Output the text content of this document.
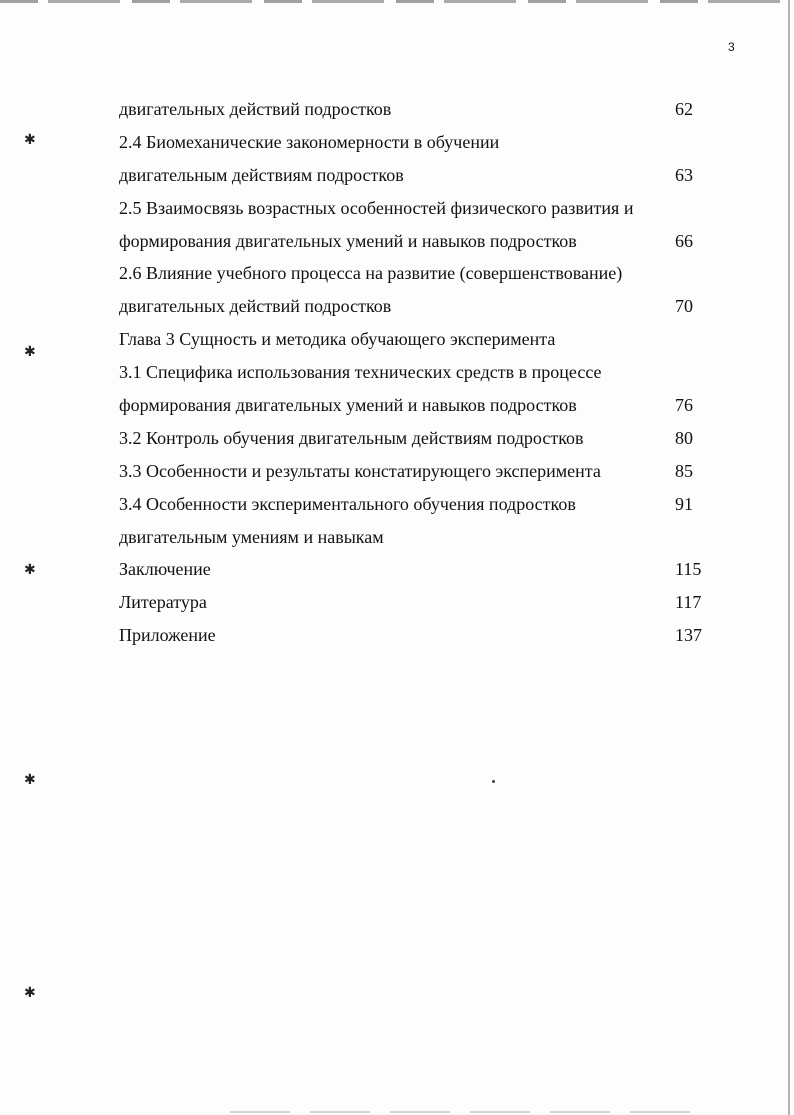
✱
✱
✱
✱
✱
3
двигательных действий подростков	62
2.4 Биомеханические закономерности в обучении
двигательным действиям подростков	63
2.5 Взаимосвязь возрастных особенностей физического развития и
формирования двигательных умений и навыков подростков	66
2.6 Влияние учебного процесса на развитие (совершенствование)
двигательных действий подростков	70
Глава 3 Сущность и методика обучающего эксперимента
3.1 Специфика использования технических средств в процессе
формирования двигательных умений и навыков подростков	76
3.2 Контроль обучения двигательным действиям подростков	80
3.3 Особенности и результаты констатирующего эксперимента	85
3.4 Особенности экспериментального обучения подростков	91
двигательным умениям и навыкам
Заключение	115
Литература	117
Приложение	137
